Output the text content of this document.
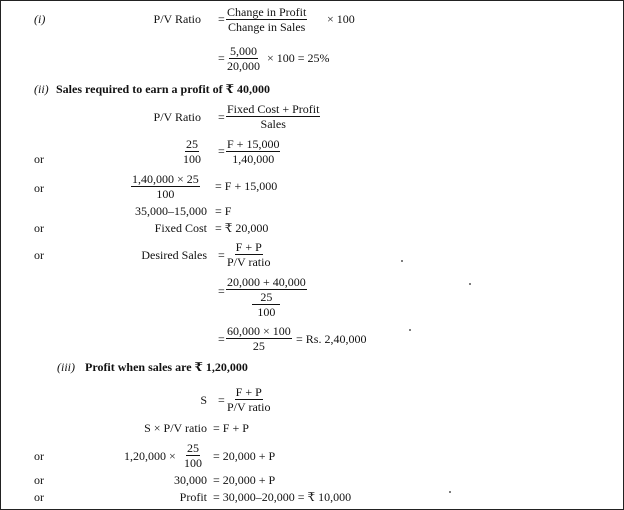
(i)	P/V Ratio = Change in Profit
Change in Sales
× 100
= $\frac{5,000}{20,000} \times 100 = 25\%$
(ii) Sales required to earn a profit of ₹ 40,000
P/V Ratio =
Fixed Cost + Profit
Sales
or	$\frac{25}{100} = \frac{F + 15,000}{1,40,000}$
or	$\frac{1,40,000 \times 25}{100} = F + 15,000$
35,000–15,000 = F
or	Fixed Cost = ₹ 20,000
or	Desired Sales =
F + P
P/V ratio
=
20,000 + 40,000
25
100
= $\frac{60,000 \times 100}{25} = Rs$. 2,40,000
(iii) Profit when sales are ₹ 1,20,000
S =
F + P
P/V ratio
S × P/V ratio = F + P
or	$1,20,000 \times \frac{25}{100} = 20,000 + P$
or	30,000 = 20,000 + P
or	Profit = 30,000–20,000 = ₹ 10,000
